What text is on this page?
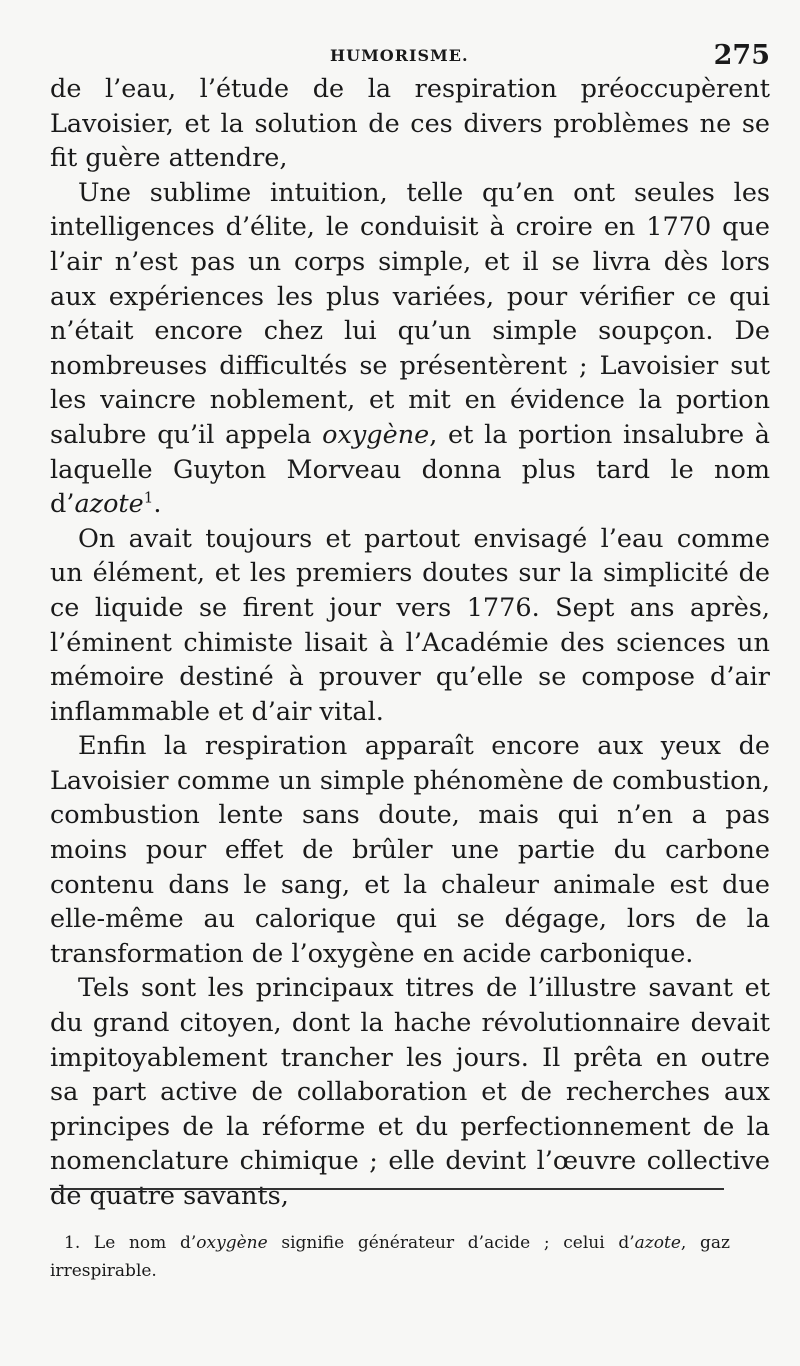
HUMORISME.	275

de l’eau, l’étude de la respiration préoccupèrent Lavoisier, et la solution de ces divers problèmes ne se fit guère attendre,

Une sublime intuition, telle qu’en ont seules les intelligences d’élite, le conduisit à croire en 1770 que l’air n’est pas un corps simple, et il se livra dès lors aux expériences les plus variées, pour vérifier ce qui n’était encore chez lui qu’un simple soupçon. De nombreuses difficultés se présentèrent ; Lavoisier sut les vaincre noblement, et mit en évidence la portion salubre qu’il appela oxygène, et la portion insalubre à laquelle Guyton Morveau donna plus tard le nom d’azote$^1$.

On avait toujours et partout envisagé l’eau comme un élément, et les premiers doutes sur la simplicité de ce liquide se firent jour vers 1776. Sept ans après, l’éminent chimiste lisait à l’Académie des sciences un mémoire destiné à prouver qu’elle se compose d’air inflammable et d’air vital.

Enfin la respiration apparaît encore aux yeux de Lavoisier comme un simple phénomène de combustion, combustion lente sans doute, mais qui n’en a pas moins pour effet de brûler une partie du carbone contenu dans le sang, et la chaleur animale est due elle-même au calorique qui se dégage, lors de la transformation de l’oxygène en acide carbonique.

Tels sont les principaux titres de l’illustre savant et du grand citoyen, dont la hache révolutionnaire devait impitoyablement trancher les jours. Il prêta en outre sa part active de collaboration et de recherches aux principes de la réforme et du perfectionnement de la nomenclature chimique ; elle devint l’œuvre collective de quatre savants,

1. Le nom d’oxygène signifie générateur d’acide ; celui d’azote, gaz irrespirable.
